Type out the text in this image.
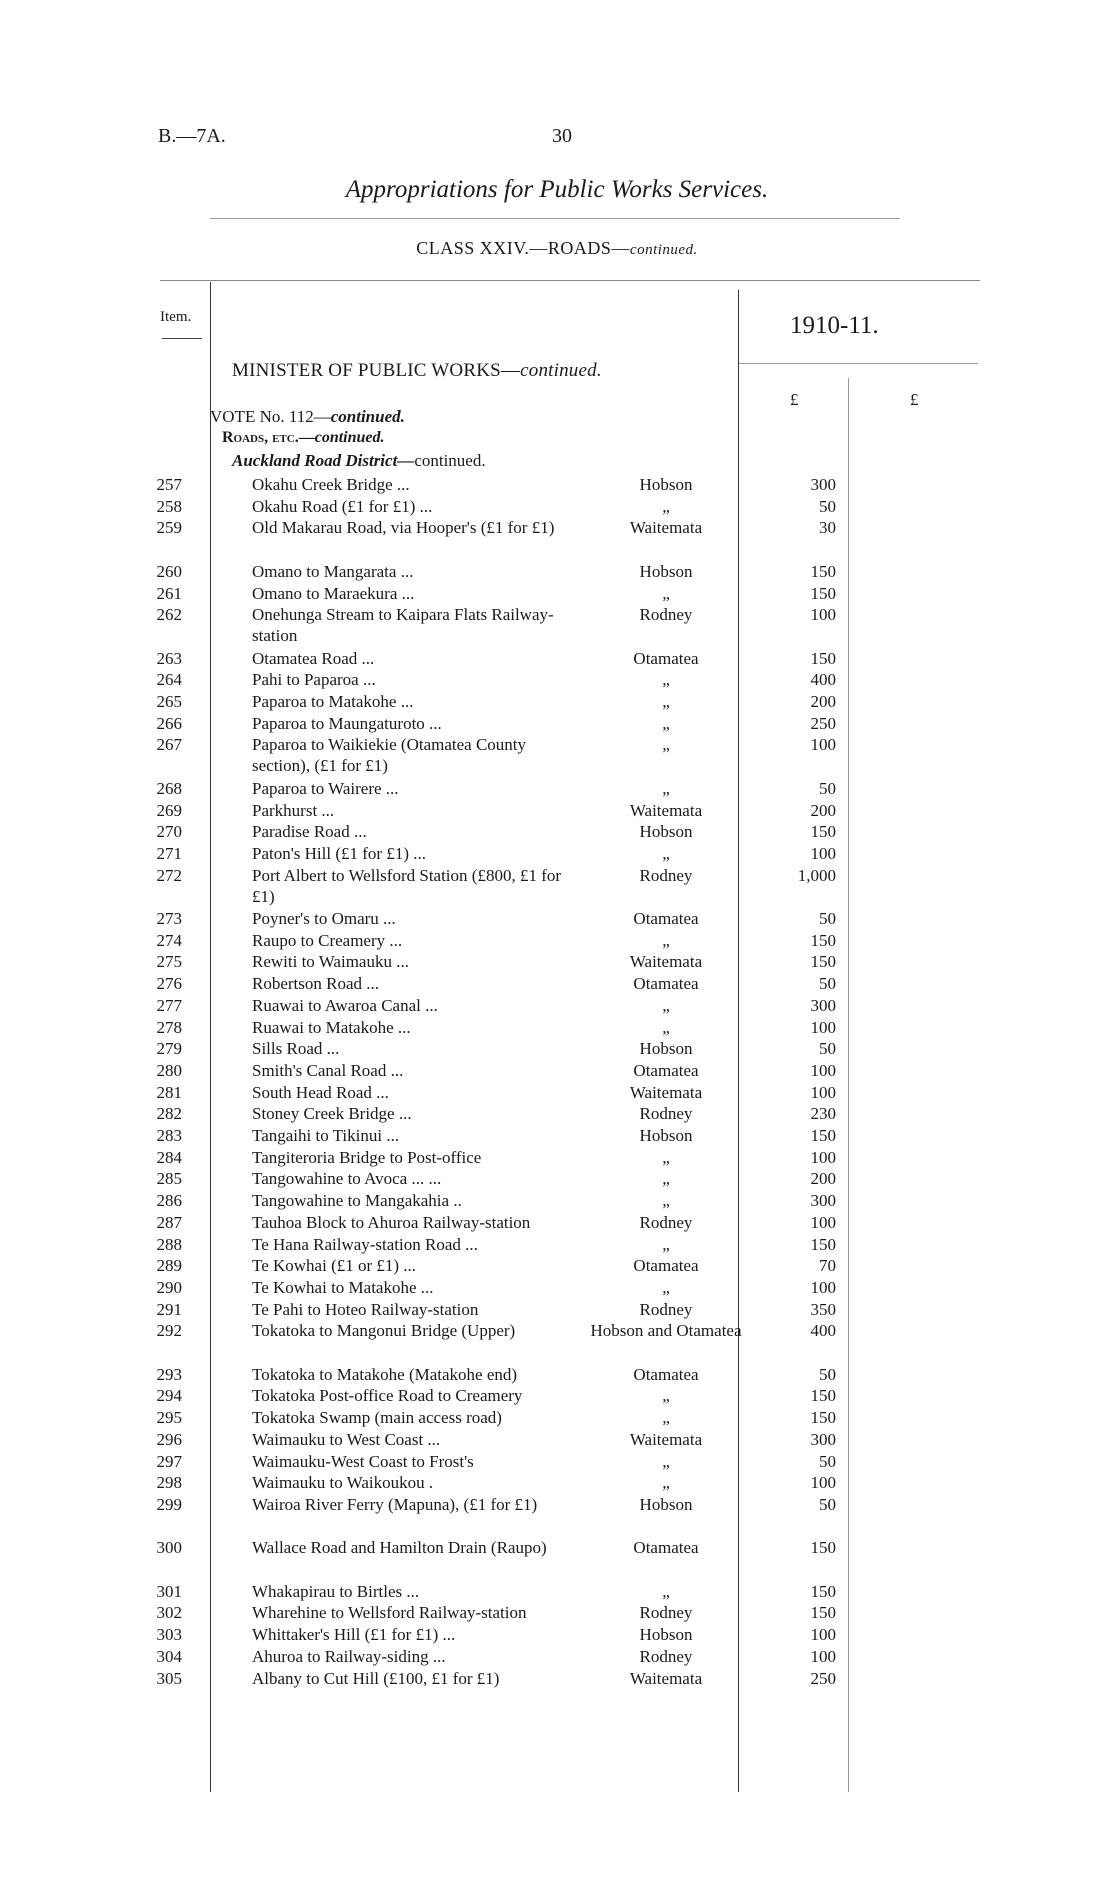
B.—7A.	30
Appropriations for Public Works Services.
CLASS XXIV.—ROADS—continued.
Item.	1910-11.
MINISTER OF PUBLIC WORKS—continued.
£	£
VOTE No. 112—continued.
Roads, etc.—continued.
Auckland Road District—continued.
257	Okahu Creek Bridge ...	Hobson	300
258	Okahu Road (£1 for £1) ...	„	50
259	Old Makarau Road, via Hooper's (£1 for £1)	Waitemata	30
260	Omano to Mangarata ...	Hobson	150
261	Omano to Maraekura ...	„	150
262	Onehunga Stream to Kaipara Flats Railway-station
Rodney	100
263	Otamatea Road ...	Otamatea	150
264	Pahi to Paparoa ...	„	400
265	Paparoa to Matakohe ...	„	200
266	Paparoa to Maungaturoto ...	„	250
267	Paparoa to Waikiekie (Otamatea County section), (£1 for £1)
„	100
268	Paparoa to Wairere ...	„	50
269	Parkhurst ...	Waitemata	200
270	Paradise Road ...	Hobson	150
271	Paton's Hill (£1 for £1) ...	„	100
272	Port Albert to Wellsford Station (£800, £1 for £1)
Rodney	1,000
273	Poyner's to Omaru ...	Otamatea	50
274	Raupo to Creamery ...	„	150
275	Rewiti to Waimauku ...	Waitemata	150
276	Robertson Road ...	Otamatea	50
277	Ruawai to Awaroa Canal ...	„	300
278	Ruawai to Matakohe ...	„	100
279	Sills Road ...	Hobson	50
280	Smith's Canal Road ...	Otamatea	100
281	South Head Road ...	Waitemata	100
282	Stoney Creek Bridge ...	Rodney	230
283	Tangaihi to Tikinui ...	Hobson	150
284	Tangiteroria Bridge to Post-office	„	100
285	Tangowahine to Avoca ... ...	„	200
286	Tangowahine to Mangakahia ..	„	300
287	Tauhoa Block to Ahuroa Railway-station	Rodney	100
288	Te Hana Railway-station Road ...	„	150
289	Te Kowhai (£1 or £1) ...	Otamatea	70
290	Te Kowhai to Matakohe ...	„	100
291	Te Pahi to Hoteo Railway-station	Rodney	350
292	Tokatoka to Mangonui Bridge (Upper)	Hobson and Otamatea	400
293	Tokatoka to Matakohe (Matakohe end)	Otamatea	50
294	Tokatoka Post-office Road to Creamery	„	150
295	Tokatoka Swamp (main access road)	„	150
296	Waimauku to West Coast ...	Waitemata	300
297	Waimauku-West Coast to Frost's	„	50
298	Waimauku to Waikoukou .	„	100
299	Wairoa River Ferry (Mapuna), (£1 for £1)	Hobson	50
300	Wallace Road and Hamilton Drain (Raupo)	Otamatea	150
301	Whakapirau to Birtles ...	„	150
302	Wharehine to Wellsford Railway-station	Rodney	150
303	Whittaker's Hill (£1 for £1) ...	Hobson	100
304	Ahuroa to Railway-siding ...	Rodney	100
305	Albany to Cut Hill (£100, £1 for £1)	Waitemata	250
